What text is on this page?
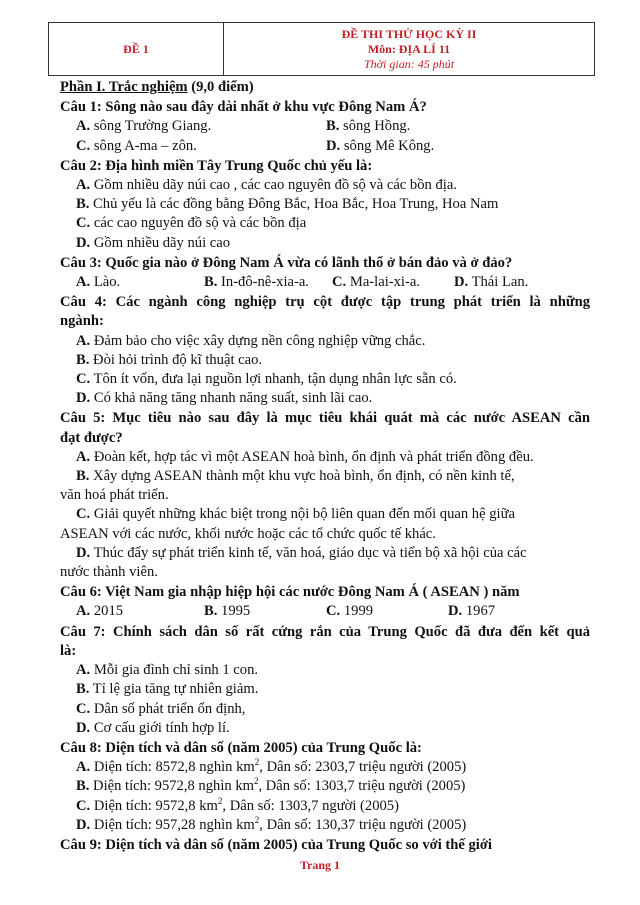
ĐỀ 1
ĐỀ THI THỬ HỌC KỲ II
Môn: ĐỊA LÍ 11
Thời gian: 45 phút
Phần I. Trắc nghiệm (9,0 điểm)
Câu 1: Sông nào sau đây dài nhất ở khu vực Đông Nam Á?
A. sông Trường Giang.	B. sông Hồng.
C. sông A-ma – zôn.	D. sông Mê Kông.
Câu 2: Địa hình miền Tây Trung Quốc chủ yếu là:
A. Gồm nhiều dãy núi cao , các cao nguyên đồ sộ và các bồn địa.
B. Chủ yếu là các đồng bằng Đông Bắc, Hoa Bắc, Hoa Trung, Hoa Nam
C. các cao nguyên đồ sộ và các bồn địa
D. Gồm nhiều dãy núi cao
Câu 3: Quốc gia nào ở Đông Nam Á vừa có lãnh thổ ở bán đảo và ở đảo?
A. Lào.	B. In-đô-nê-xia-a.	C. Ma-lai-xi-a.	D. Thái Lan.
Câu 4: Các ngành công nghiệp trụ cột được tập trung phát triển là những
ngành:
A. Đảm bảo cho việc xây dựng nền công nghiệp vững chắc.
B. Đòi hỏi trình độ kĩ thuật cao.
C. Tôn ít vốn, đưa lại nguồn lợi nhanh, tận dụng nhân lực sẵn có.
D. Có khả năng tăng nhanh năng suất, sinh lãi cao.
Câu 5: Mục tiêu nào sau đây là mục tiêu khái quát mà các nước ASEAN cần
đạt được?
A. Đoàn kết, hợp tác vì một ASEAN hoà bình, ổn định và phát triển đồng đều.
B. Xây dựng ASEAN thành một khu vực hoà bình, ổn định, có nền kinh tế,
văn hoá phát triển.
C. Giải quyết những khác biệt trong nội bộ liên quan đến mối quan hệ giữa
ASEAN với các nước, khối nước hoặc các tổ chức quốc tế khác.
D. Thúc đẩy sự phát triển kinh tế, văn hoá, giáo dục và tiến bộ xã hội của các
nước thành viên.
Câu 6: Việt Nam gia nhập hiệp hội các nước Đông Nam Á ( ASEAN ) năm
A. 2015	B. 1995	C. 1999	D. 1967
Câu 7: Chính sách dân số rất cứng rắn của Trung Quốc đã đưa đến kết quả
là:
A. Mỗi gia đình chỉ sinh 1 con.
B. Tỉ lệ gia tăng tự nhiên giảm.
C. Dân số phát triển ổn định,
D. Cơ cấu giới tính hợp lí.
Câu 8: Diện tích và dân số (năm 2005) của Trung Quốc là:
A. Diện tích: 8572,8 nghìn $km^2$, Dân số: 2303,7 triệu người (2005)
B. Diện tích: 9572,8 nghìn $km^2$, Dân số: 1303,7 triệu người (2005)
C. Diện tích: 9572,8 $km^2$, Dân số: 1303,7 người (2005)
D. Diện tích: 957,28 nghìn $km^2$, Dân số: 130,37 triệu người (2005)
Câu 9: Diện tích và dân số (năm 2005) của Trung Quốc so với thế giới
Trang 1
